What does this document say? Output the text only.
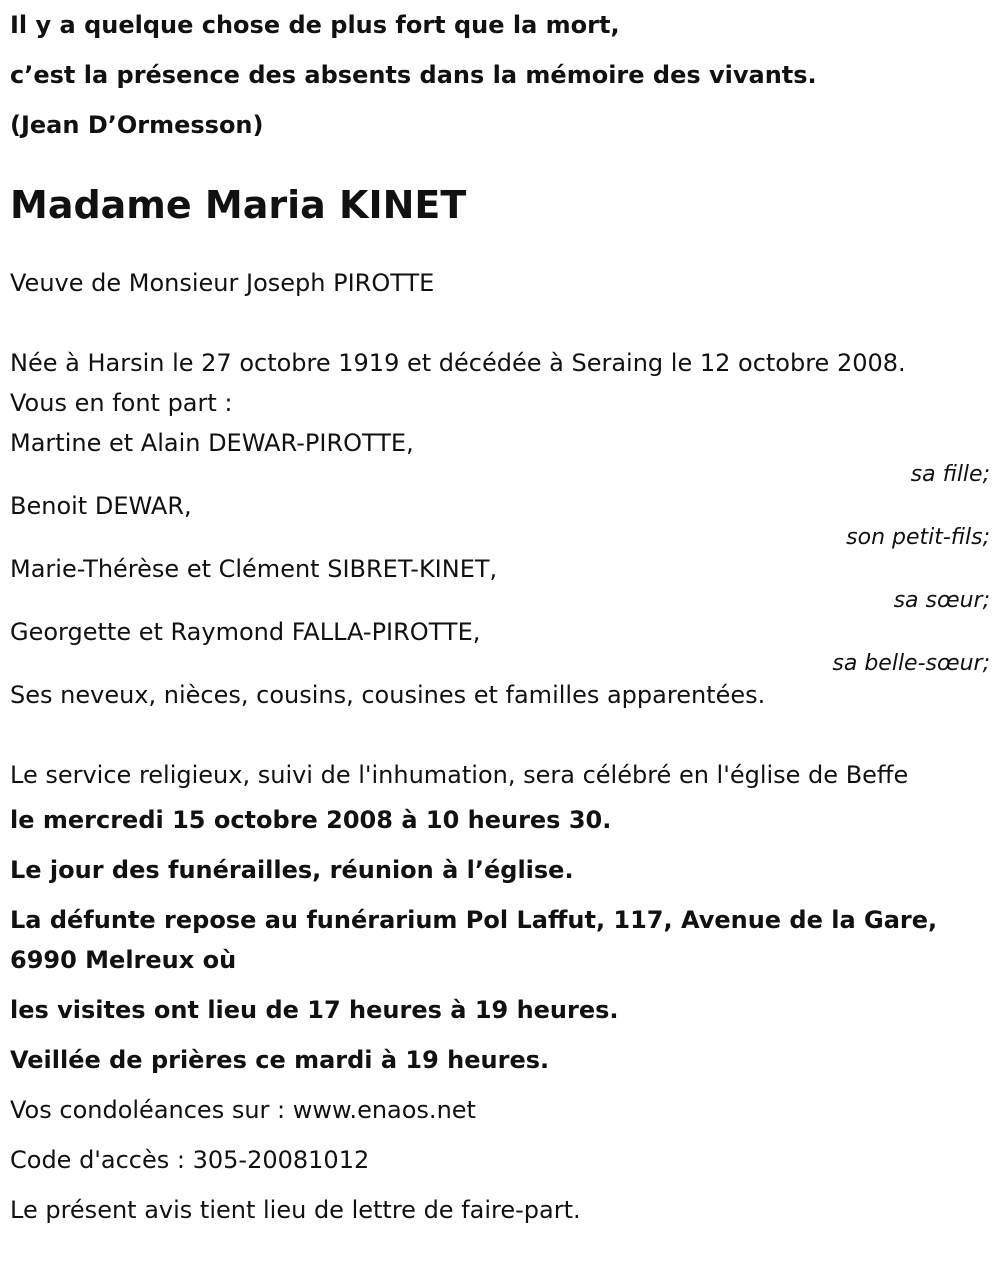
Il y a quelque chose de plus fort que la mort,

c’est la présence des absents dans la mémoire des vivants.

(Jean D’Ormesson)

Madame Maria KINET

Veuve de Monsieur Joseph PIROTTE

Née à Harsin le 27 octobre 1919 et décédée à Seraing le 12 octobre 2008.

Vous en font part :

Martine et Alain DEWAR-PIROTTE,

sa fille;

Benoit DEWAR,

son petit-fils;

Marie-Thérèse et Clément SIBRET-KINET,

sa sœur;

Georgette et Raymond FALLA-PIROTTE,

sa belle-sœur;

Ses neveux, nièces, cousins, cousines et familles apparentées.

Le service religieux, suivi de l'inhumation, sera célébré en l'église de Beffe

le mercredi 15 octobre 2008 à 10 heures 30.

Le jour des funérailles, réunion à l’église.

La défunte repose au funérarium Pol Laffut, 117, Avenue de la Gare, 6990 Melreux où

les visites ont lieu de 17 heures à 19 heures.

Veillée de prières ce mardi à 19 heures.

Vos condoléances sur : www.enaos.net

Code d'accès : 305-20081012

Le présent avis tient lieu de lettre de faire-part.
